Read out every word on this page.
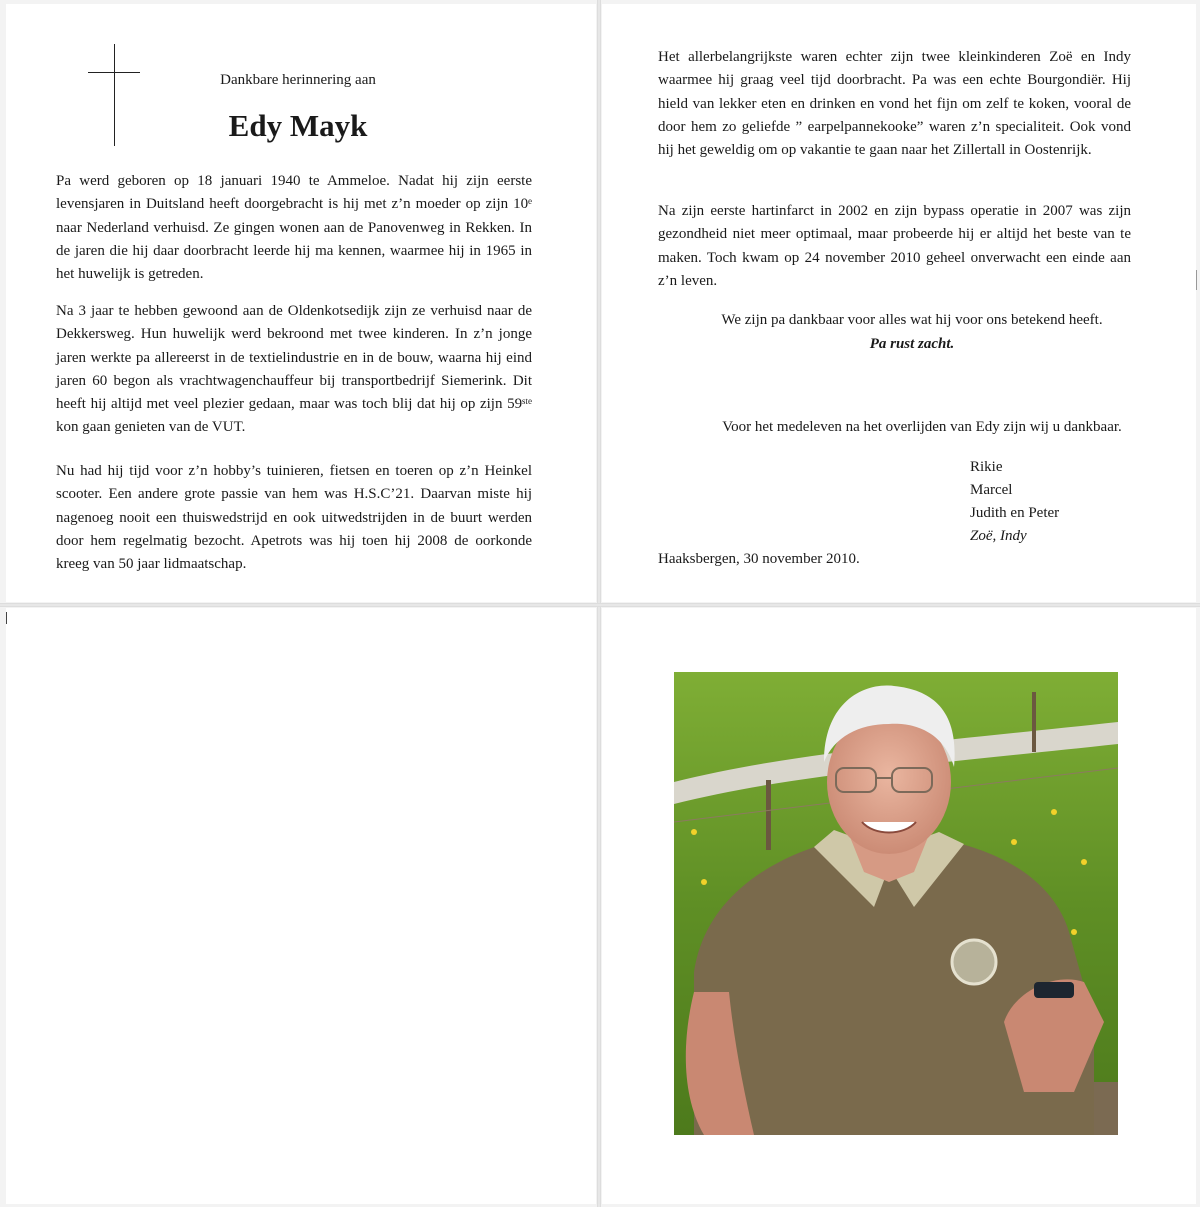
Dankbare herinnering aan
Edy Mayk

Pa werd geboren op 18 januari 1940 te Ammeloe. Nadat hij zijn eerste levensjaren in Duitsland heeft doorgebracht is hij met z’n moeder op zijn 10ᵉ naar Nederland verhuisd. Ze gingen wonen aan de Panovenweg in Rekken. In de jaren die hij daar doorbracht leerde hij ma kennen, waarmee hij in 1965 in het huwelijk is getreden.

Na 3 jaar te hebben gewoond aan de Oldenkotsedijk zijn ze verhuisd naar de Dekkersweg. Hun huwelijk werd bekroond met twee kinderen. In z’n jonge jaren werkte pa allereerst in de textielindustrie en in de bouw, waarna hij eind jaren 60 begon als vrachtwagenchauffeur bij transportbedrijf Siemerink. Dit heeft hij altijd met veel plezier gedaan, maar was toch blij dat hij op zijn 59ˢᵗᵉ kon gaan genieten van de VUT.

Nu had hij tijd voor z’n hobby’s tuinieren, fietsen en toeren op z’n Heinkel scooter. Een andere grote passie van hem was H.S.C’21. Daarvan miste hij nagenoeg nooit een thuiswedstrijd en ook uitwedstrijden in de buurt werden door hem regelmatig bezocht. Apetrots was hij toen hij 2008 de oorkonde kreeg van 50 jaar lidmaatschap.

Het allerbelangrijkste waren echter zijn twee kleinkinderen Zoë en Indy waarmee hij graag veel tijd doorbracht. Pa was een echte Bourgondiër. Hij hield van lekker eten en drinken en vond het fijn om zelf te koken, vooral de door hem zo geliefde ” earpelpannekooke” waren z’n specialiteit. Ook vond hij het geweldig om op vakantie te gaan naar het Zillertall in Oostenrijk.

Na zijn eerste hartinfarct in 2002 en zijn bypass operatie in 2007 was zijn gezondheid niet meer optimaal, maar probeerde hij er altijd het beste van te maken. Toch kwam op 24 november 2010 geheel onverwacht een einde aan z’n leven.

We zijn pa dankbaar voor alles wat hij voor ons betekend heeft.
Pa rust zacht.
Voor het medeleven na het overlijden van Edy zijn wij u dankbaar.
Rikie
Marcel
Judith en Peter
Zoë, Indy
Haaksbergen, 30 november 2010.
